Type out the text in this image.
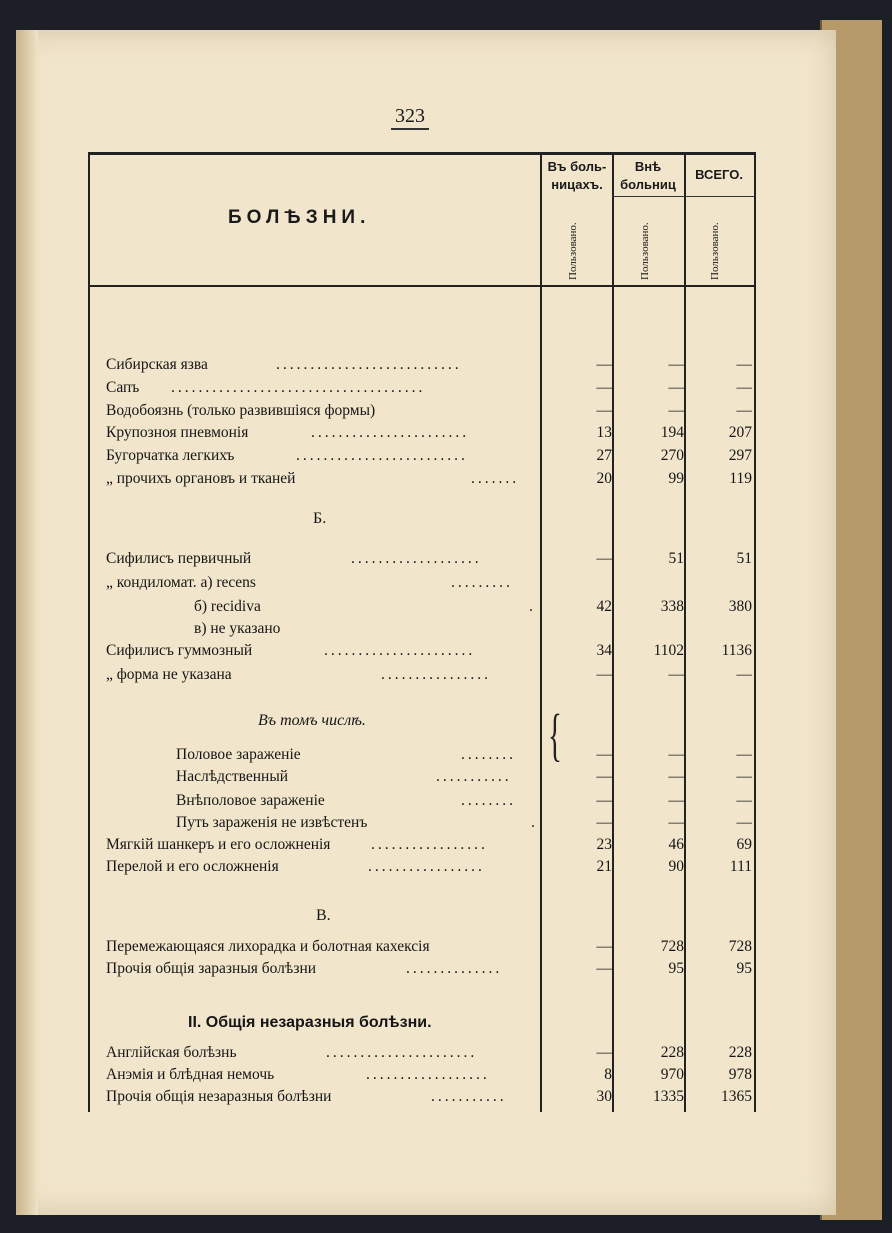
323
БОЛѢЗНИ.
Въ боль-ницахъ.
Внѣ больниц
ВСЕГО.
Пользовано.	Пользовано.	Пользовано.
Б.
Въ томъ числѣ.
В.
II. Общія незаразныя болѣзни.
{
Сибирская язва	...........................	—	—	—
Сапъ .....................................	—	—	—
Водобоязнь (только развившіяся формы)	—	—	—
Крупозноя пневмонія	.......................	13	194	207
Бугорчатка легкихъ	.........................	27	270	297
„ прочихъ органовъ и тканей	.......	20	99	119
Сифилисъ первичный	...................	—	51	51
„ кондиломат. а) recens	.........
б) recidiva	.	42	338	380
в) не указано
Сифилисъ гуммозный	......................	34	1102	1136
„ форма не указана	................	—	—	—
Половое зараженіе	........	—	—	—
Наслѣдственный	...........	—	—	—
Внѣполовое зараженіе	........	—	—	—
Путь зараженія не извѣстенъ	.	—	—	—
Мягкій шанкеръ и его осложненія	.................	23	46	69
Перелой и его осложненія	.................	21	90	111
Перемежающаяся лихорадка и болотная кахексія	—	728	728
Прочія общія заразныя болѣзни	..............	—	95	95
Англійская болѣзнь	......................	—	228	228
Анэмія и блѣдная немочь	..................	8	970	978
Прочія общія незаразныя болѣзни	...........	30	1335	1365
